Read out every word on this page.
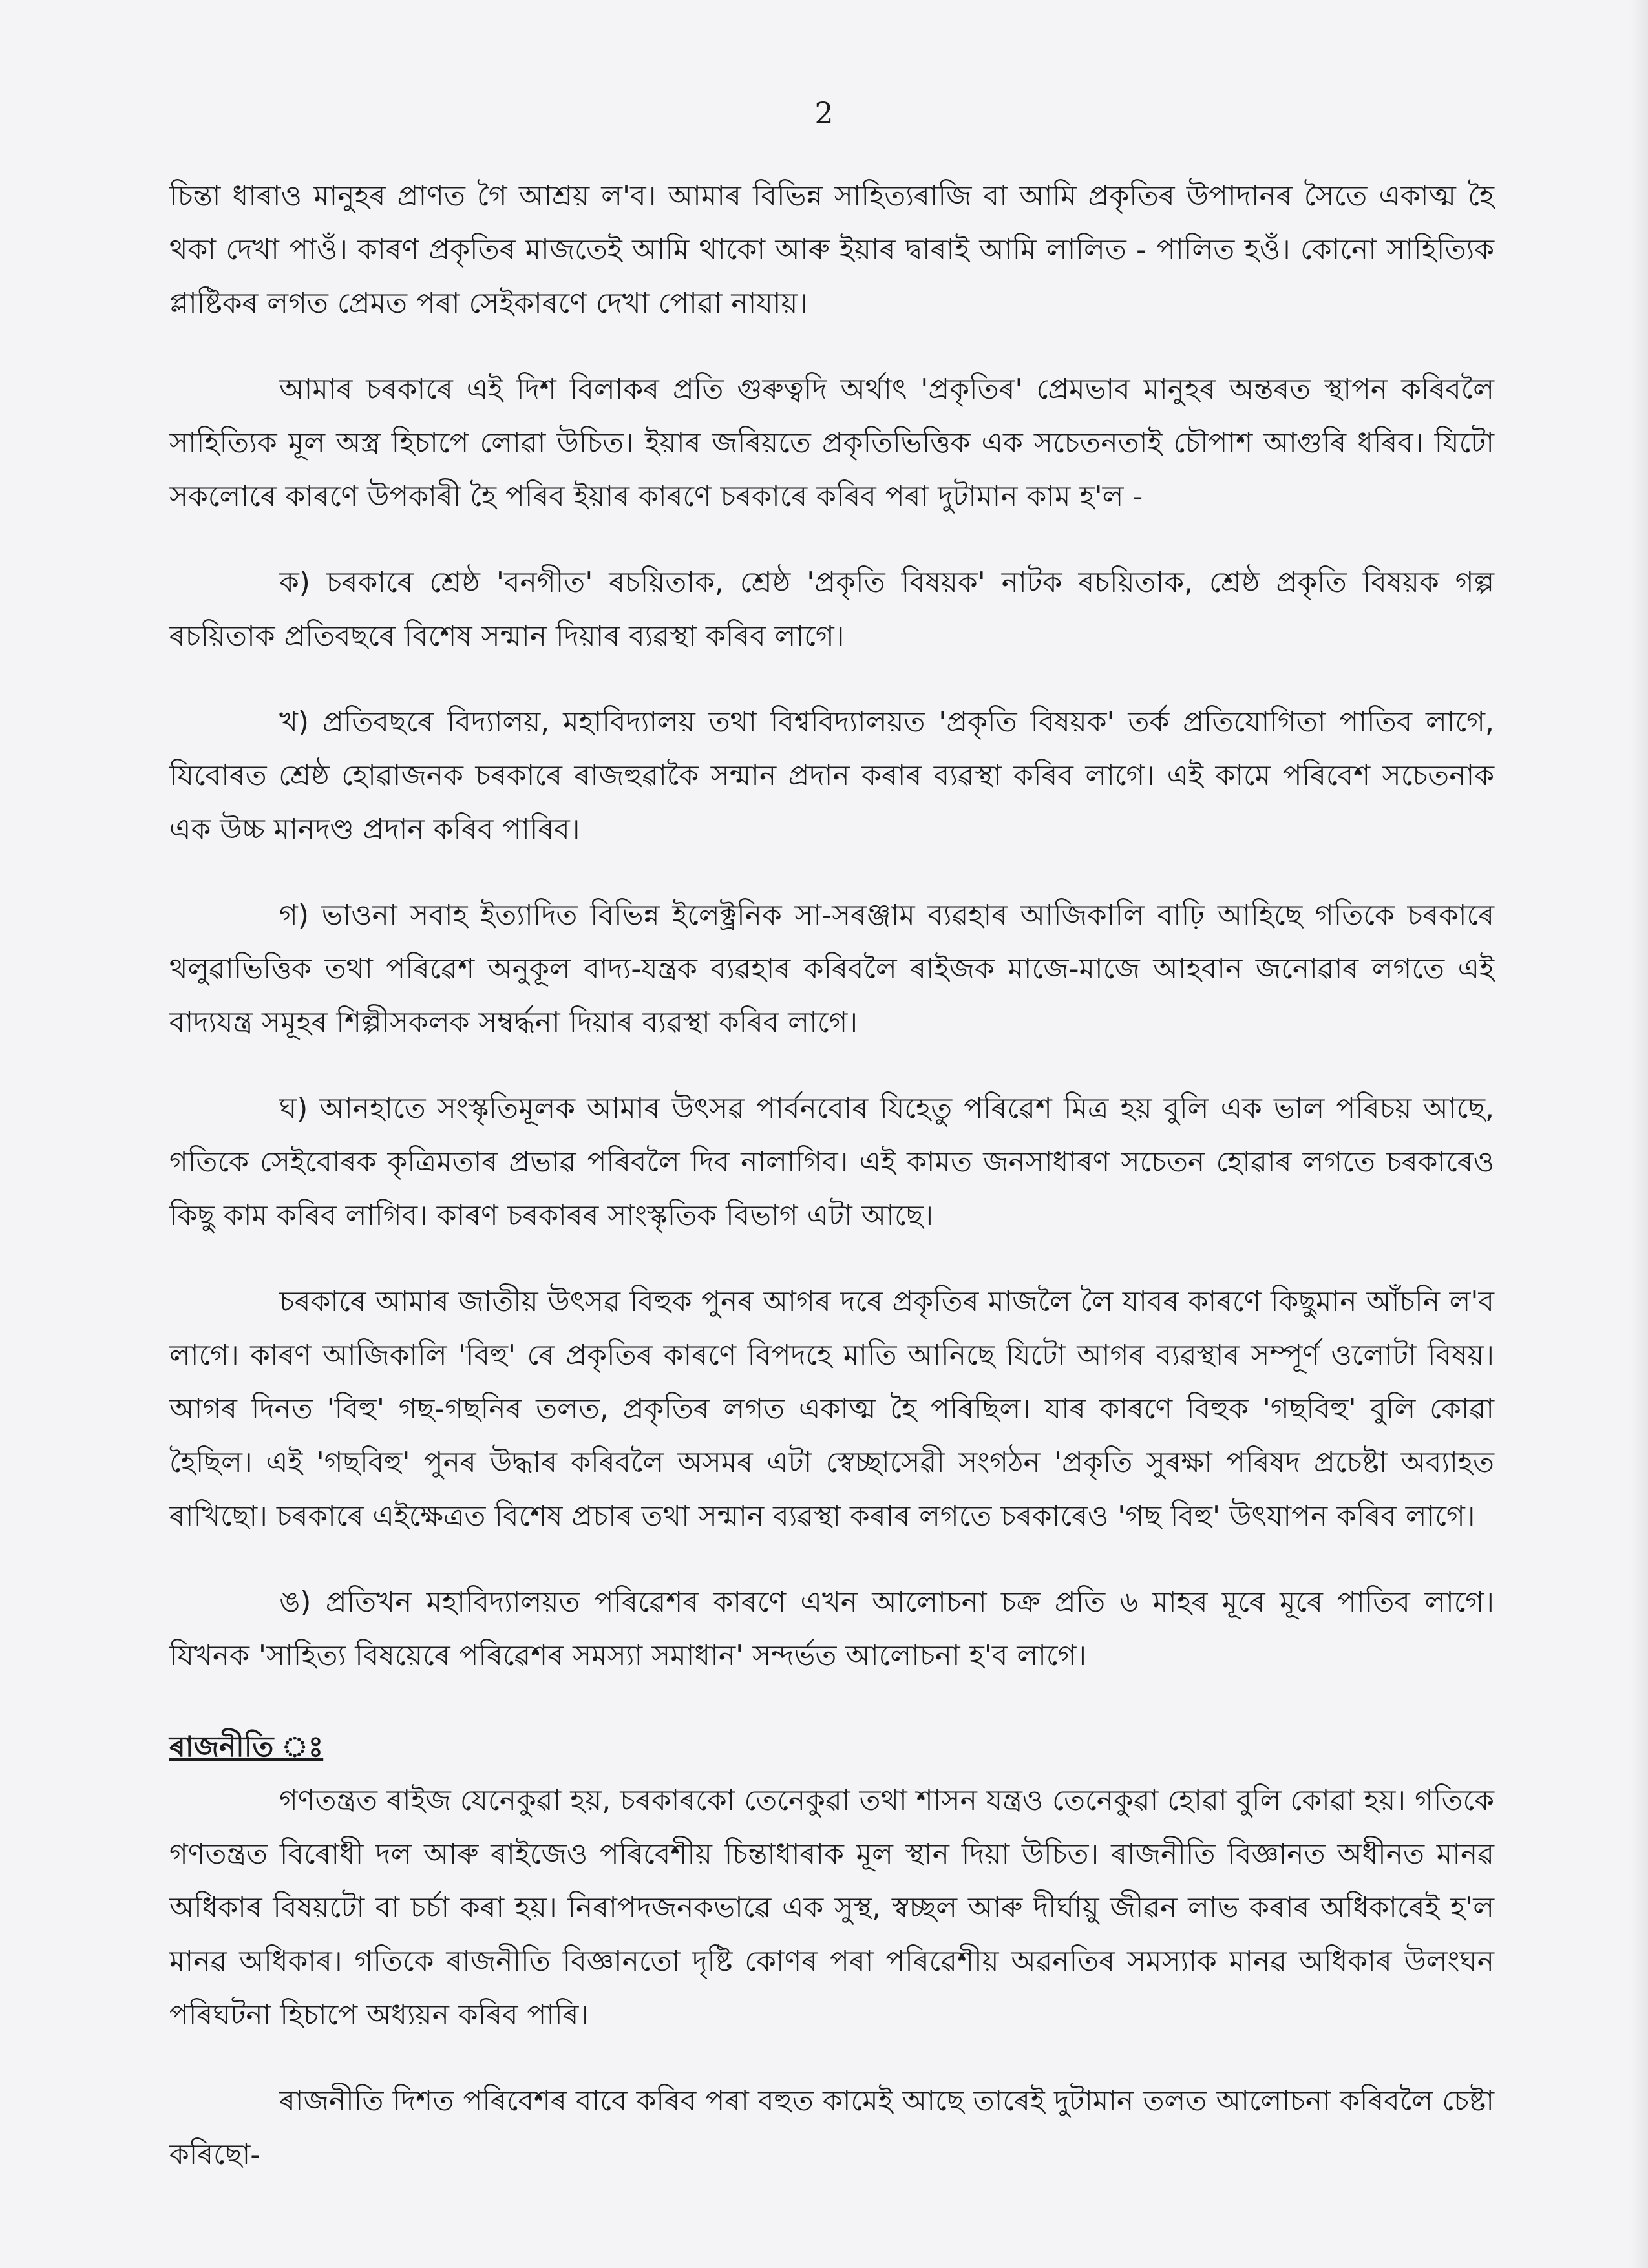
2

চিন্তা ধাৰাও মানুহৰ প্ৰাণত গৈ আশ্ৰয় ল'ব। আমাৰ বিভিন্ন সাহিত্যৰাজি বা আমি প্ৰকৃতিৰ উপাদানৰ সৈতে একাত্ম হৈ থকা দেখা পাওঁ। কাৰণ প্ৰকৃতিৰ মাজতেই আমি থাকো আৰু ইয়াৰ দ্বাৰাই আমি লালিত - পালিত হওঁ। কোনো সাহিত্যিক প্লাষ্টিকৰ লগত প্ৰেমত পৰা সেইকাৰণে দেখা পোৱা নাযায়।

আমাৰ চৰকাৰে এই দিশ বিলাকৰ প্ৰতি গুৰুত্বদি অৰ্থাৎ 'প্ৰকৃতিৰ' প্ৰেমভাব মানুহৰ অন্তৰত স্থাপন কৰিবলৈ সাহিত্যিক মূল অস্ত্ৰ হিচাপে লোৱা উচিত। ইয়াৰ জৰিয়তে প্ৰকৃতিভিত্তিক এক সচেতনতাই চৌপাশ আগুৰি ধৰিব। যিটো সকলোৰে কাৰণে উপকাৰী হৈ পৰিব ইয়াৰ কাৰণে চৰকাৰে কৰিব পৰা দুটামান কাম হ'ল -

ক) চৰকাৰে শ্ৰেষ্ঠ 'বনগীত' ৰচয়িতাক, শ্ৰেষ্ঠ 'প্ৰকৃতি বিষয়ক' নাটক ৰচয়িতাক, শ্ৰেষ্ঠ প্ৰকৃতি বিষয়ক গল্প ৰচয়িতাক প্ৰতিবছৰে বিশেষ সন্মান দিয়াৰ ব্যৱস্থা কৰিব লাগে।

খ) প্ৰতিবছৰে বিদ্যালয়, মহাবিদ্যালয় তথা বিশ্ববিদ্যালয়ত 'প্ৰকৃতি বিষয়ক' তৰ্ক প্ৰতিযোগিতা পাতিব লাগে, যিবোৰত শ্ৰেষ্ঠ হোৱাজনক চৰকাৰে ৰাজহুৱাকৈ সন্মান প্ৰদান কৰাৰ ব্যৱস্থা কৰিব লাগে। এই কামে পৰিবেশ সচেতনাক এক উচ্চ মানদণ্ড প্ৰদান কৰিব পাৰিব।

গ) ভাওনা সবাহ ইত্যাদিত বিভিন্ন ইলেক্ট্ৰনিক সা-সৰঞ্জাম ব্যৱহাৰ আজিকালি বাঢ়ি আহিছে গতিকে চৰকাৰে থলুৱাভিত্তিক তথা পৰিৱেশ অনুকূল বাদ্য-যন্ত্ৰক ব্যৱহাৰ কৰিবলৈ ৰাইজক মাজে-মাজে আহবান জনোৱাৰ লগতে এই বাদ্যযন্ত্ৰ সমূহৰ শিল্পীসকলক সম্বৰ্দ্ধনা দিয়াৰ ব্যৱস্থা কৰিব লাগে।

ঘ) আনহাতে সংস্কৃতিমূলক আমাৰ উৎসৱ পাৰ্বনবোৰ যিহেতু পৰিৱেশ মিত্ৰ হয় বুলি এক ভাল পৰিচয় আছে, গতিকে সেইবোৰক কৃত্ৰিমতাৰ প্ৰভাৱ পৰিবলৈ দিব নালাগিব। এই কামত জনসাধাৰণ সচেতন হোৱাৰ লগতে চৰকাৰেও কিছু কাম কৰিব লাগিব। কাৰণ চৰকাৰৰ সাংস্কৃতিক বিভাগ এটা আছে।

চৰকাৰে আমাৰ জাতীয় উৎসৱ বিহুক পুনৰ আগৰ দৰে প্ৰকৃতিৰ মাজলৈ লৈ যাবৰ কাৰণে কিছুমান আঁচনি ল'ব লাগে। কাৰণ আজিকালি 'বিহু' ৰে প্ৰকৃতিৰ কাৰণে বিপদহে মাতি আনিছে যিটো আগৰ ব্যৱস্থাৰ সম্পূৰ্ণ ওলোটা বিষয়। আগৰ দিনত 'বিহু' গছ-গছনিৰ তলত, প্ৰকৃতিৰ লগত একাত্ম হৈ পৰিছিল। যাৰ কাৰণে বিহুক 'গছবিহু' বুলি কোৱা হৈছিল। এই 'গছবিহু' পুনৰ উদ্ধাৰ কৰিবলৈ অসমৰ এটা স্বেচ্ছাসেৱী সংগঠন 'প্ৰকৃতি সুৰক্ষা পৰিষদ প্ৰচেষ্টা অব্যাহত ৰাখিছো। চৰকাৰে এইক্ষেত্ৰত বিশেষ প্ৰচাৰ তথা সন্মান ব্যৱস্থা কৰাৰ লগতে চৰকাৰেও 'গছ বিহু' উৎযাপন কৰিব লাগে।

ঙ) প্ৰতিখন মহাবিদ্যালয়ত পৰিৱেশৰ কাৰণে এখন আলোচনা চক্ৰ প্ৰতি ৬ মাহৰ মূৰে মূৰে পাতিব লাগে। যিখনক 'সাহিত্য বিষয়েৰে পৰিৱেশৰ সমস্যা সমাধান' সন্দৰ্ভত আলোচনা হ'ব লাগে।

ৰাজনীতি ঃ

গণতন্ত্ৰত ৰাইজ যেনেকুৱা হয়, চৰকাৰকো তেনেকুৱা তথা শাসন যন্ত্ৰও তেনেকুৱা হোৱা বুলি কোৱা হয়। গতিকে গণতন্ত্ৰত বিৰোধী দল আৰু ৰাইজেও পৰিবেশীয় চিন্তাধাৰাক মূল স্থান দিয়া উচিত। ৰাজনীতি বিজ্ঞানত অধীনত মানৱ অধিকাৰ বিষয়টো বা চৰ্চা কৰা হয়। নিৰাপদজনকভাৱে এক সুস্থ, স্বচ্ছল আৰু দীৰ্ঘায়ু জীৱন লাভ কৰাৰ অধিকাৰেই হ'ল মানৱ অধিকাৰ। গতিকে ৰাজনীতি বিজ্ঞানতো দৃষ্টি কোণৰ পৰা পৰিৱেশীয় অৱনতিৰ সমস্যাক মানৱ অধিকাৰ উলংঘন পৰিঘটনা হিচাপে অধ্যয়ন কৰিব পাৰি।

ৰাজনীতি দিশত পৰিবেশৰ বাবে কৰিব পৰা বহুত কামেই আছে তাৰেই দুটামান তলত আলোচনা কৰিবলৈ চেষ্টা কৰিছো-
